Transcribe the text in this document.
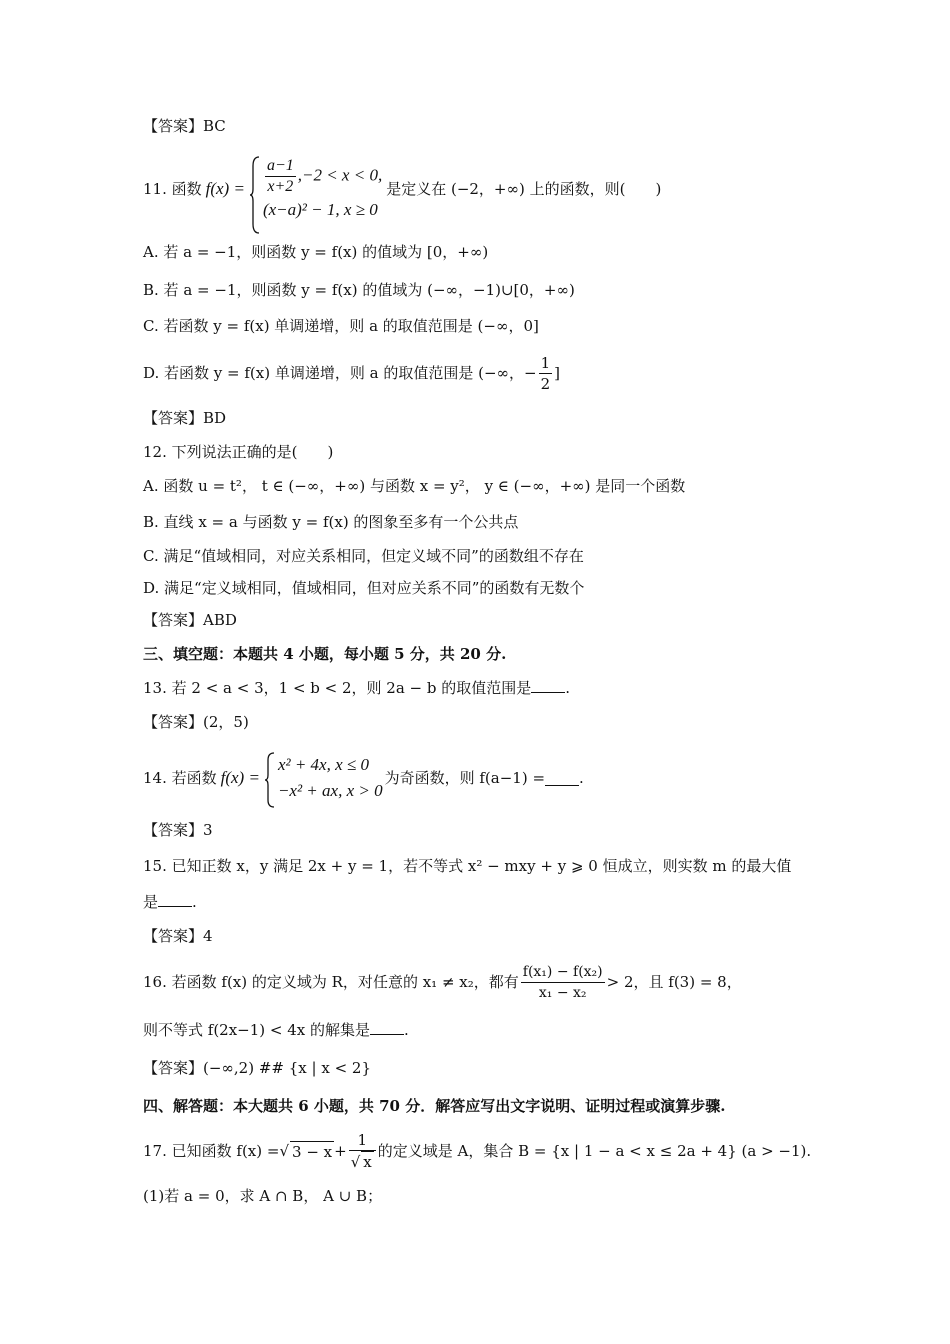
【答案】BC
11. 函数 $f(x) = \frac{a-1}{x+2} ,-2 < x < 0$,
(x−a)² − 1, x ≥ 0
是定义在 (−2，+∞) 上的函数，则(　　)
A. 若 a = −1，则函数 y = f(x) 的值域为 [0，+∞)
B. 若 a = −1，则函数 y = f(x) 的值域为 (−∞，−1)∪[0，+∞)
C. 若函数 y = f(x) 单调递增，则 a 的取值范围是 (−∞，0]
D. 若函数 y = f(x) 单调递增，则 a 的取值范围是 (−∞，− $\frac{1}{2}$ ]
【答案】BD
12. 下列说法正确的是(　　)
A. 函数 u = t²， t ∈ (−∞，+∞) 与函数 x = y²， y ∈ (−∞，+∞) 是同一个函数
B. 直线 x = a 与函数 y = f(x) 的图象至多有一个公共点
C. 满足“值域相同，对应关系相同，但定义域不同”的函数组不存在
D. 满足“定义域相同，值域相同，但对应关系不同”的函数有无数个
【答案】ABD
三、填空题：本题共 4 小题，每小题 5 分，共 20 分.
13. 若 2 < a < 3，1 < b < 2，则 2a − b 的取值范围是 .
【答案】(2，5)
14. 若函数 f(x) =
x² + 4x, x ≤ 0
−x² + ax, x > 0
为奇函数，则 f(a−1) = .
【答案】3
15. 已知正数 x，y 满足 2x + y = 1，若不等式 x² − mxy + y ⩾ 0 恒成立，则实数 m 的最大值
是 .
【答案】4
16. 若函数 f(x) 的定义域为 R，对任意的 x₁ ≠ x₂，都有 $\frac{\text{f(x₁) − f(x₂)}}{\text{x₁ − x₂}} > 2$，且 f(3) = 8，
则不等式 f(2x−1) < 4x 的解集是 .
【答案】(−∞,2) ## {x | x < 2}
四、解答题：本大题共 6 小题，共 70 分．解答应写出文字说明、证明过程或演算步骤.
17. 已知函数 f(x) = √ $3 - x + \frac{1}{√ x}$ 的定义域是 A，集合 B = {x | 1 − a < x ≤ 2a + 4} (a > −1).
(1)若 a = 0，求 A ∩ B， A ∪ B；
